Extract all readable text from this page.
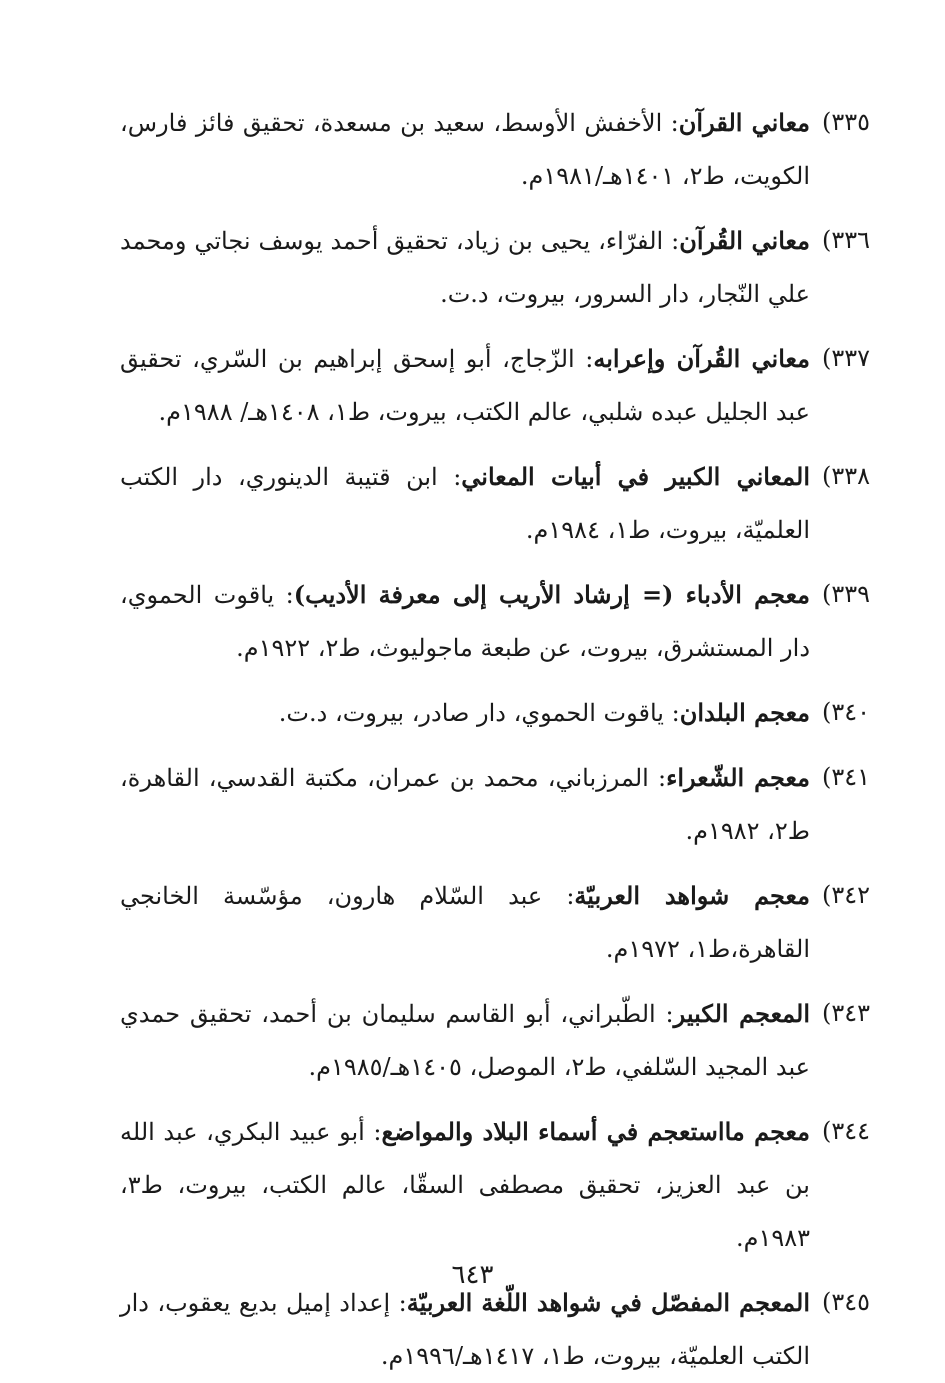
٣٣٥)
معاني القرآن: الأخفش الأوسط، سعيد بن مسعدة، تحقيق فائز فارس، الكويت، ط٢، ١٤٠١هـ/١٩٨١م.
٣٣٦)
معاني القُرآن: الفرّاء، يحيى بن زياد، تحقيق أحمد يوسف نجاتي ومحمد علي النّجار، دار السرور، بيروت، د.ت.
٣٣٧)
معاني القُرآن وإعرابه: الزّجاج، أبو إسحق إبراهيم بن السّري، تحقيق عبد الجليل عبده شلبي، عالم الكتب، بيروت، ط١، ١٤٠٨هـ/ ١٩٨٨م.
٣٣٨)
المعاني الكبير في أبيات المعاني: ابن قتيبة الدينوري، دار الكتب العلميّة، بيروت، ط١، ١٩٨٤م.
٣٣٩)
معجم الأدباء (= إرشاد الأريب إلى معرفة الأديب): ياقوت الحموي، دار المستشرق، بيروت، عن طبعة ماجوليوث، ط٢، ١٩٢٢م.
٣٤٠)
معجم البلدان: ياقوت الحموي، دار صادر، بيروت، د.ت.
٣٤١)
معجم الشّعراء: المرزباني، محمد بن عمران، مكتبة القدسي، القاهرة، ط٢، ١٩٨٢م.
٣٤٢)
معجم شواهد العربيّة: عبد السّلام هارون، مؤسّسة الخانجي القاهرة،ط١، ١٩٧٢م.
٣٤٣)
المعجم الكبير: الطّبراني، أبو القاسم سليمان بن أحمد، تحقيق حمدي عبد المجيد السّلفي، ط٢، الموصل، ١٤٠٥هـ/١٩٨٥م.
٣٤٤)
معجم مااستعجم في أسماء البلاد والمواضع: أبو عبيد البكري، عبد الله بن عبد العزيز، تحقيق مصطفى السقّا، عالم الكتب، بيروت، ط٣، ١٩٨٣م.
٣٤٥)
المعجم المفصّل في شواهد اللّغة العربيّة: إعداد إميل بديع يعقوب، دار الكتب العلميّة، بيروت، ط١، ١٤١٧هـ/١٩٩٦م.
٦٤٣
